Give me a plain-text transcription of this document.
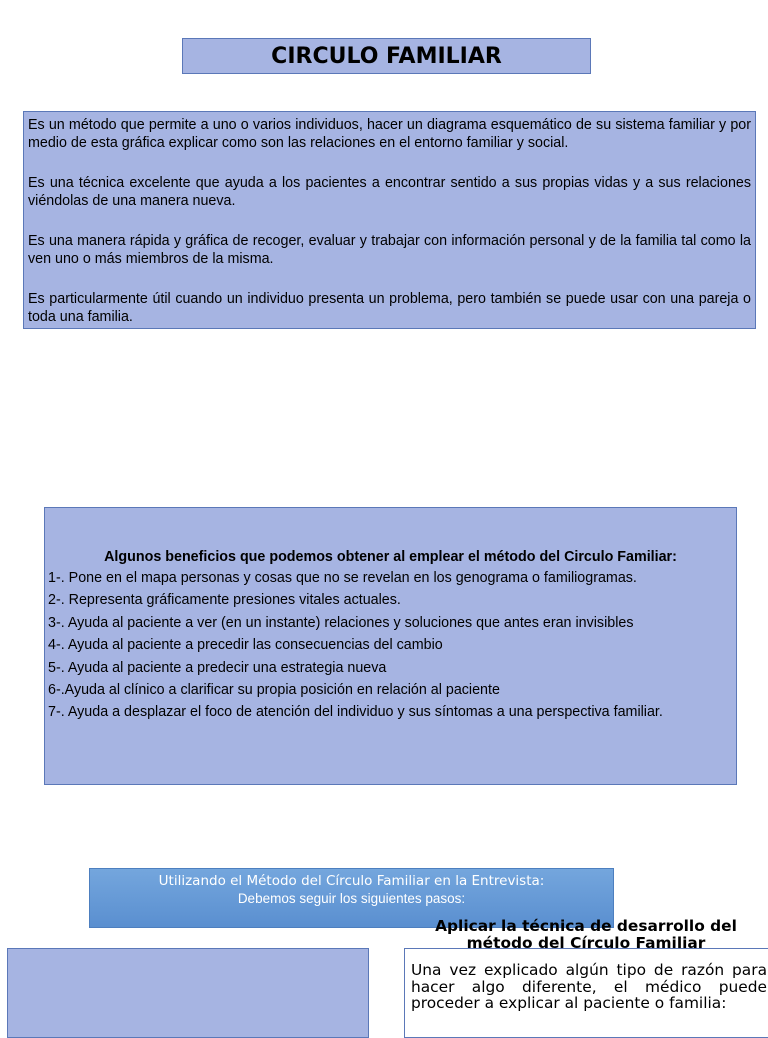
CIRCULO FAMILIAR

Es un método que permite a uno o varios individuos, hacer un diagrama esquemático de su sistema familiar y por medio de esta gráfica explicar como son las relaciones en el entorno familiar y social.

Es una técnica excelente que ayuda a los pacientes a encontrar sentido a sus propias vidas y a sus relaciones viéndolas de una manera nueva.

Es una manera rápida y gráfica de recoger, evaluar y trabajar con información personal y de la familia tal como la ven uno o más miembros de la misma.

Es particularmente útil cuando un individuo presenta un problema, pero también se puede usar con una pareja o toda una familia.

Algunos beneficios que podemos obtener al emplear el método del Circulo Familiar:
1-. Pone en el mapa personas y cosas que no se revelan en los genograma o familiogramas.
2-. Representa gráficamente presiones vitales actuales.
3-. Ayuda al paciente a ver (en un instante) relaciones y soluciones que antes eran invisibles
4-. Ayuda al paciente a precedir las consecuencias del cambio
5-. Ayuda al paciente a predecir una estrategia nueva
6-.Ayuda al clínico a clarificar su propia posición en relación al paciente
7-. Ayuda a desplazar el foco de atención del individuo y sus síntomas a una perspectiva familiar.
Utilizando el Método del Círculo Familiar en la Entrevista:
Debemos seguir los siguientes pasos:
Una vez explicado algún tipo de razón para hacer algo diferente, el médico puede proceder a explicar al paciente o familia:
Aplicar la técnica de desarrollo del método del Círculo Familiar
